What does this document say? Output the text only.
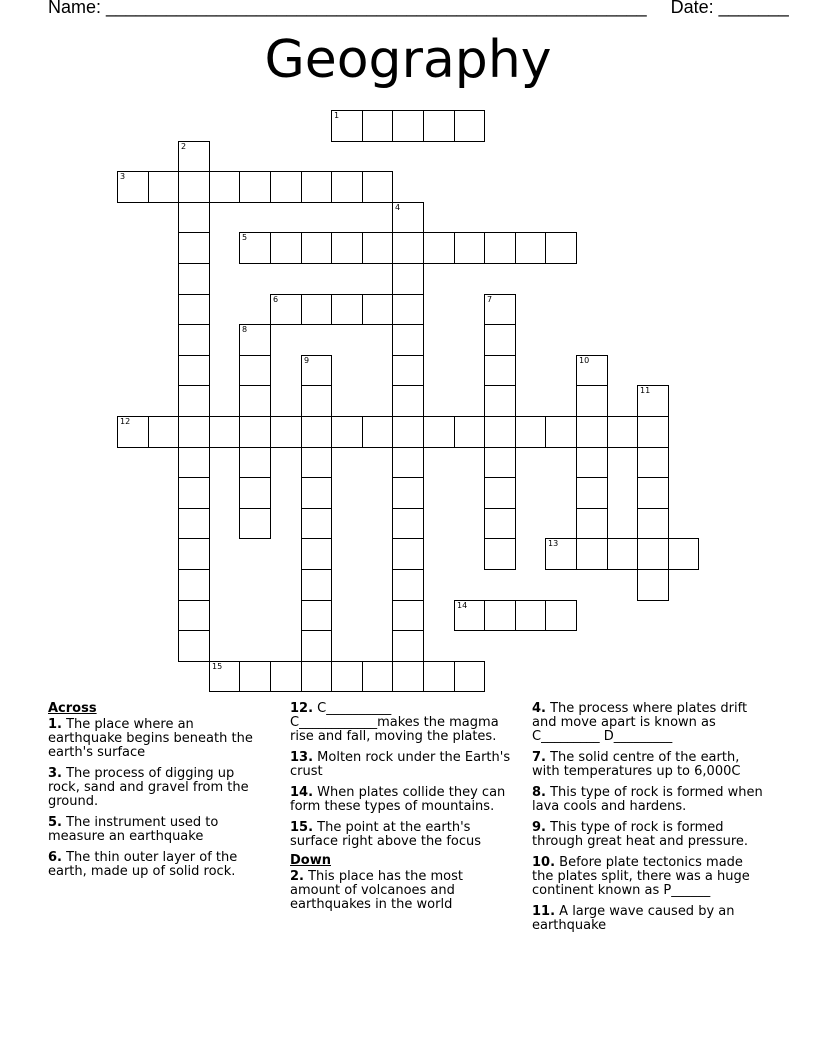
Name: ______________________________________________________ Date: _______
Geography
1
2
3
4
5
6	7
8
9	10
11
12
13
14
15
Across
1. The place where an earthquake begins beneath the earth's surface
3. The process of digging up rock, sand and gravel from the ground.
5. The instrument used to measure an earthquake
6. The thin outer layer of the earth, made up of solid rock.
12. C__________ C____________makes the magma rise and fall, moving the plates.
13. Molten rock under the Earth's crust
14. When plates collide they can form these types of mountains.
15. The point at the earth's surface right above the focus
Down
2. This place has the most amount of volcanoes and earthquakes in the world
4. The process where plates drift and move apart is known as C_________ D_________
7. The solid centre of the earth, with temperatures up to 6,000C
8. This type of rock is formed when lava cools and hardens.
9. This type of rock is formed through great heat and pressure.
10. Before plate tectonics made the plates split, there was a huge continent known as P______
11. A large wave caused by an earthquake
